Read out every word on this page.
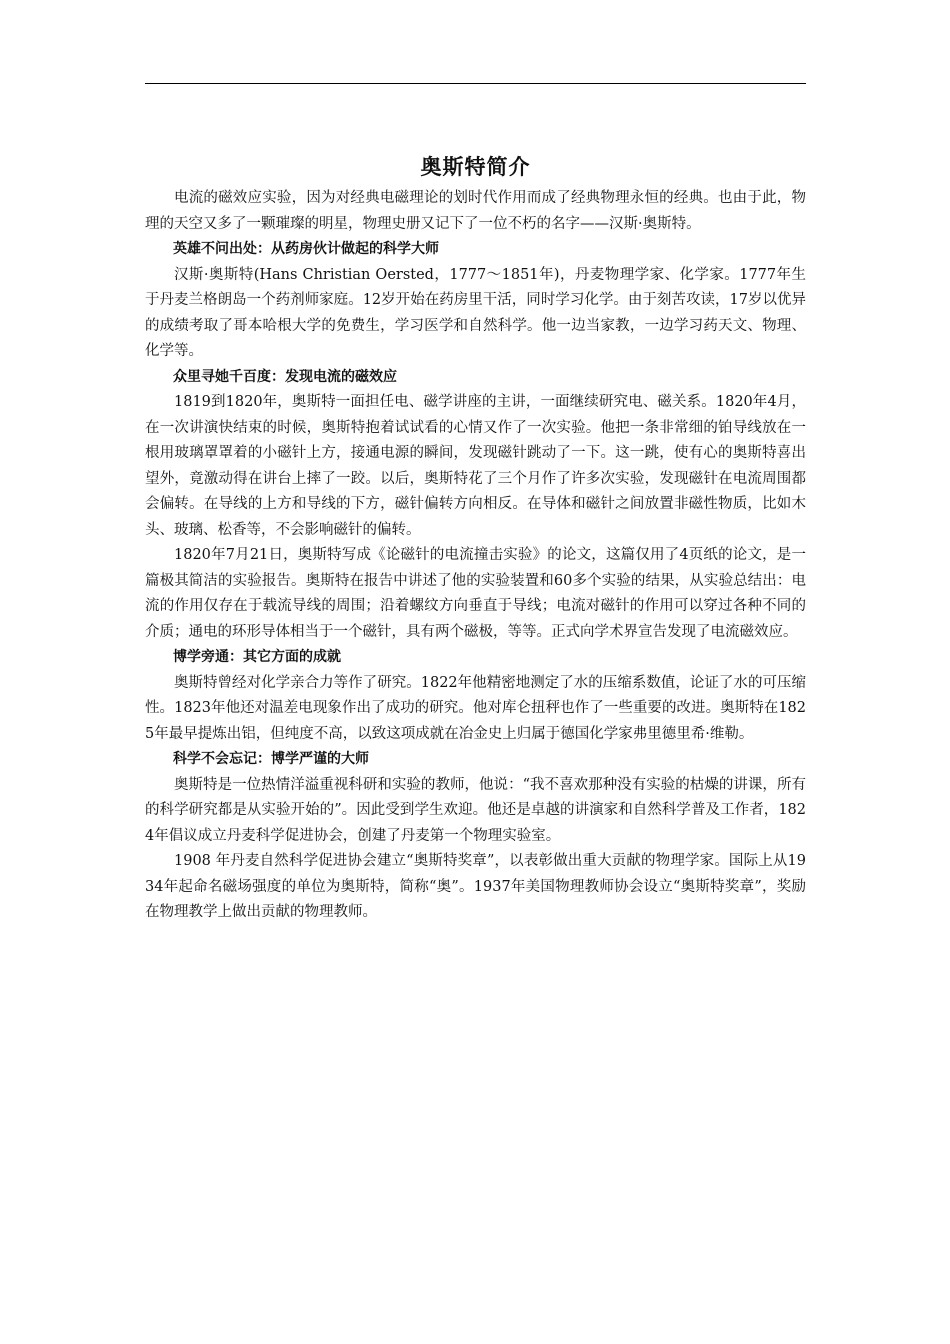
奥斯特简介

电流的磁效应实验，因为对经典电磁理论的划时代作用而成了经典物理永恒的经典。也由于此，物理的天空又多了一颗璀璨的明星，物理史册又记下了一位不朽的名字——汉斯·奥斯特。

英雄不问出处：从药房伙计做起的科学大师

汉斯·奥斯特(Hans Christian Oersted，1777～1851年)，丹麦物理学家、化学家。1777年生于丹麦兰格朗岛一个药剂师家庭。12岁开始在药房里干活，同时学习化学。由于刻苦攻读，17岁以优异的成绩考取了哥本哈根大学的免费生，学习医学和自然科学。他一边当家教，一边学习药天文、物理、化学等。

众里寻她千百度：发现电流的磁效应

1819到1820年，奥斯特一面担任电、磁学讲座的主讲，一面继续研究电、磁关系。1820年4月，在一次讲演快结束的时候，奥斯特抱着试试看的心情又作了一次实验。他把一条非常细的铂导线放在一根用玻璃罩罩着的小磁针上方，接通电源的瞬间，发现磁针跳动了一下。这一跳，使有心的奥斯特喜出望外，竟激动得在讲台上摔了一跤。以后，奥斯特花了三个月作了许多次实验，发现磁针在电流周围都会偏转。在导线的上方和导线的下方，磁针偏转方向相反。在导体和磁针之间放置非磁性物质，比如木头、玻璃、松香等，不会影响磁针的偏转。

1820年7月21日，奥斯特写成《论磁针的电流撞击实验》的论文，这篇仅用了4页纸的论文，是一篇极其简洁的实验报告。奥斯特在报告中讲述了他的实验装置和60多个实验的结果，从实验总结出：电流的作用仅存在于载流导线的周围；沿着螺纹方向垂直于导线；电流对磁针的作用可以穿过各种不同的介质；通电的环形导体相当于一个磁针，具有两个磁极，等等。正式向学术界宣告发现了电流磁效应。

博学旁通：其它方面的成就

奥斯特曾经对化学亲合力等作了研究。1822年他精密地测定了水的压缩系数值，论证了水的可压缩性。1823年他还对温差电现象作出了成功的研究。他对库仑扭秤也作了一些重要的改进。奥斯特在1825年最早提炼出铝，但纯度不高，以致这项成就在冶金史上归属于德国化学家弗里德里希·维勒。

科学不会忘记：博学严谨的大师

奥斯特是一位热情洋溢重视科研和实验的教师，他说：“我不喜欢那种没有实验的枯燥的讲课，所有的科学研究都是从实验开始的”。因此受到学生欢迎。他还是卓越的讲演家和自然科学普及工作者，1824年倡议成立丹麦科学促进协会，创建了丹麦第一个物理实验室。

1908 年丹麦自然科学促进协会建立“奥斯特奖章”，以表彰做出重大贡献的物理学家。国际上从1934年起命名磁场强度的单位为奥斯特，简称“奥”。1937年美国物理教师协会设立“奥斯特奖章”，奖励在物理教学上做出贡献的物理教师。
